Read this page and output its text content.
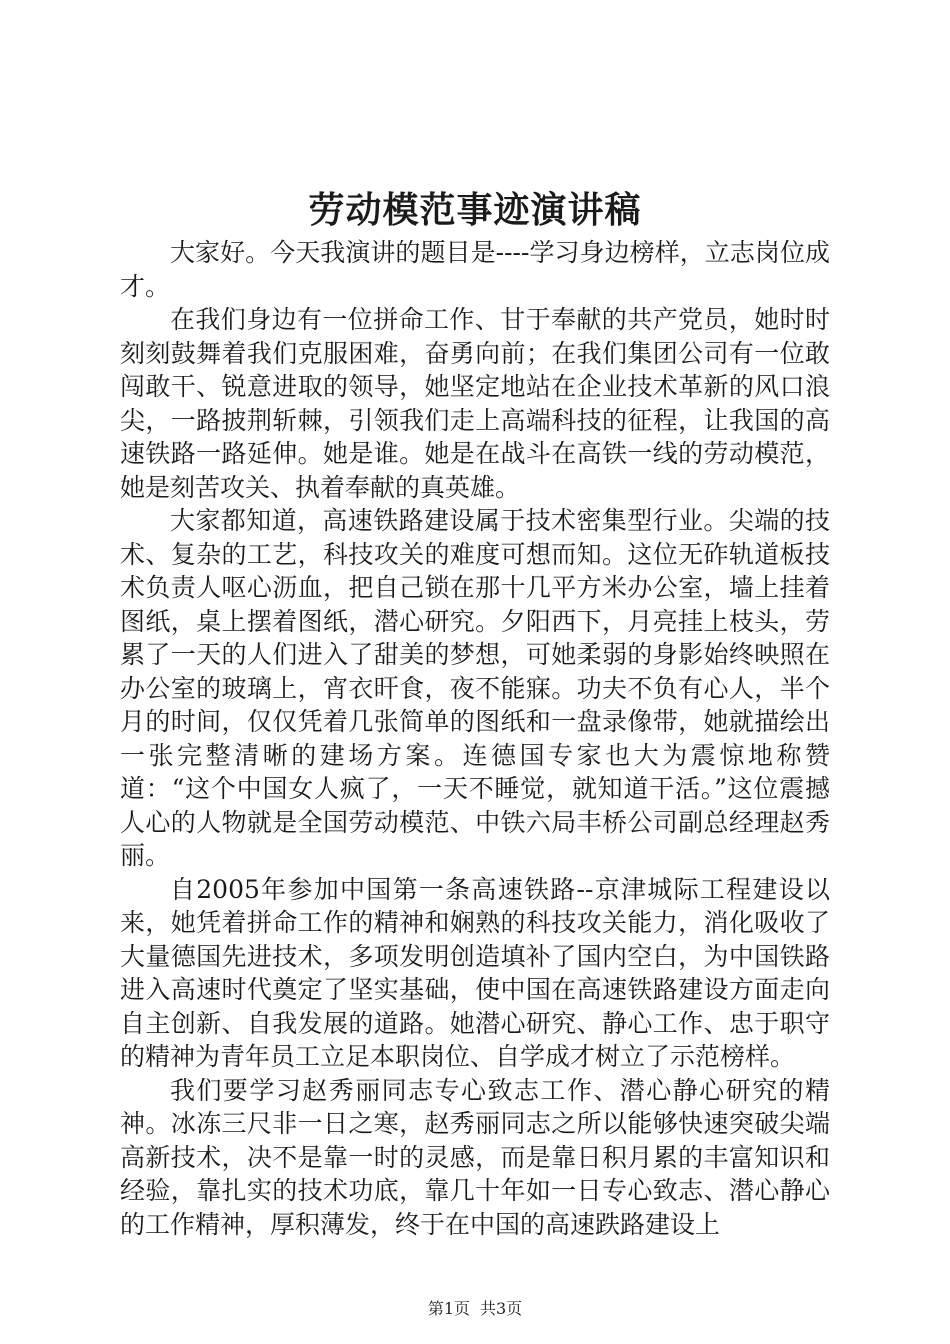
劳动模范事迹演讲稿

大家好。今天我演讲的题目是----学习身边榜样，立志岗位成才。

在我们身边有一位拼命工作、甘于奉献的共产党员，她时时刻刻鼓舞着我们克服困难，奋勇向前；在我们集团公司有一位敢闯敢干、锐意进取的领导，她坚定地站在企业技术革新的风口浪尖，一路披荆斩棘，引领我们走上高端科技的征程，让我国的高速铁路一路延伸。她是谁。她是在战斗在高铁一线的劳动模范，她是刻苦攻关、执着奉献的真英雄。

大家都知道，高速铁路建设属于技术密集型行业。尖端的技术、复杂的工艺，科技攻关的难度可想而知。这位无砟轨道板技术负责人呕心沥血，把自己锁在那十几平方米办公室，墙上挂着图纸，桌上摆着图纸，潜心研究。夕阳西下，月亮挂上枝头，劳累了一天的人们进入了甜美的梦想，可她柔弱的身影始终映照在办公室的玻璃上，宵衣旰食，夜不能寐。功夫不负有心人，半个月的时间，仅仅凭着几张简单的图纸和一盘录像带，她就描绘出一张完整清晰的建场方案。连德国专家也大为震惊地称赞道：“这个中国女人疯了，一天不睡觉，就知道干活。”这位震撼人心的人物就是全国劳动模范、中铁六局丰桥公司副总经理赵秀丽。

自2005年参加中国第一条高速铁路--京津城际工程建设以来，她凭着拼命工作的精神和娴熟的科技攻关能力，消化吸收了大量德国先进技术，多项发明创造填补了国内空白，为中国铁路进入高速时代奠定了坚实基础，使中国在高速铁路建设方面走向自主创新、自我发展的道路。她潜心研究、静心工作、忠于职守的精神为青年员工立足本职岗位、自学成才树立了示范榜样。

我们要学习赵秀丽同志专心致志工作、潜心静心研究的精神。冰冻三尺非一日之寒，赵秀丽同志之所以能够快速突破尖端高新技术，决不是靠一时的灵感，而是靠日积月累的丰富知识和经验，靠扎实的技术功底，靠几十年如一日专心致志、潜心静心的工作精神，厚积薄发，终于在中国的高速跌路建设上

第1页 共3页
